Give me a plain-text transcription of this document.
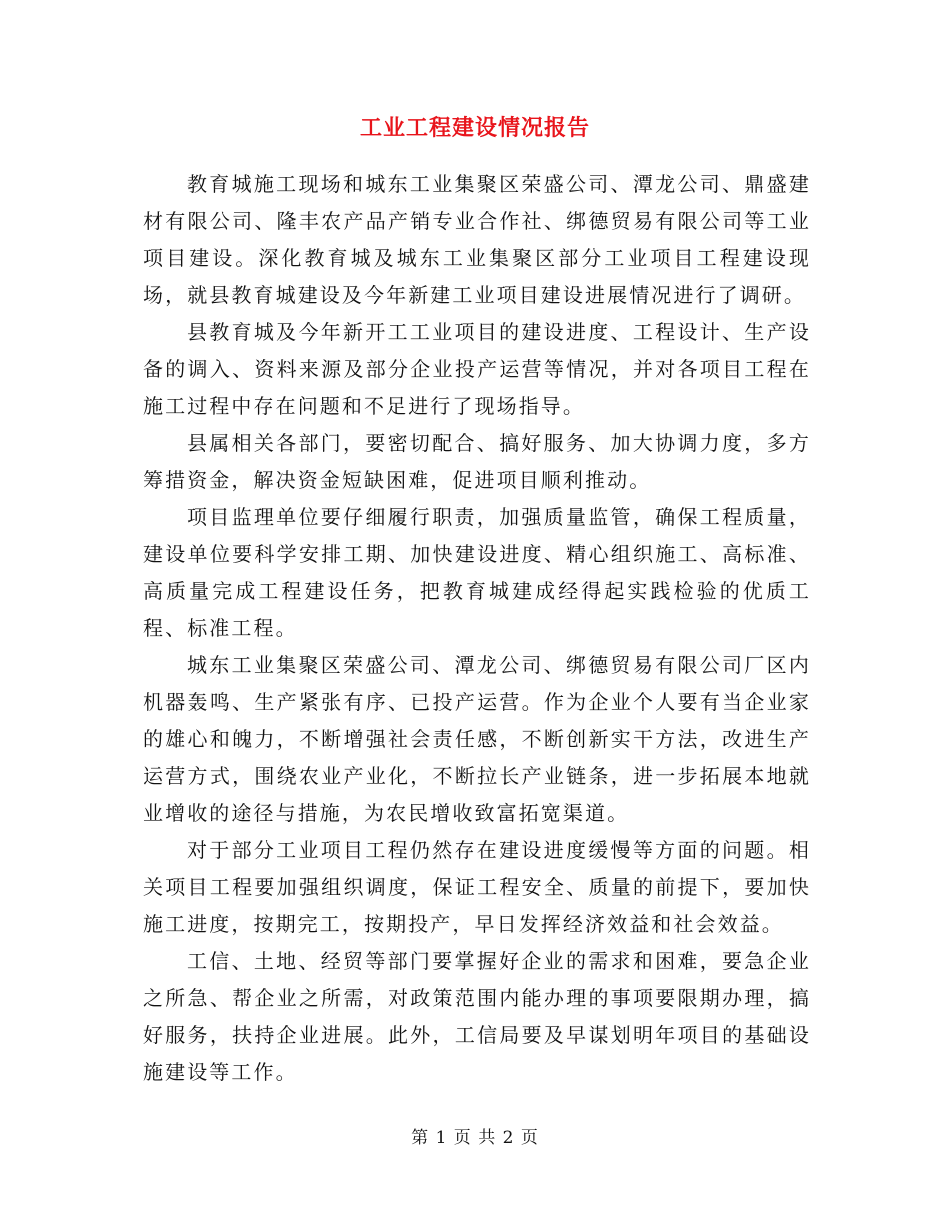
工业工程建设情况报告

教育城施工现场和城东工业集聚区荣盛公司、潭龙公司、鼎盛建材有限公司、隆丰农产品产销专业合作社、绑德贸易有限公司等工业项目建设。深化教育城及城东工业集聚区部分工业项目工程建设现场，就县教育城建设及今年新建工业项目建设进展情况进行了调研。

县教育城及今年新开工工业项目的建设进度、工程设计、生产设备的调入、资料来源及部分企业投产运营等情况，并对各项目工程在施工过程中存在问题和不足进行了现场指导。

县属相关各部门，要密切配合、搞好服务、加大协调力度，多方筹措资金，解决资金短缺困难，促进项目顺利推动。

项目监理单位要仔细履行职责，加强质量监管，确保工程质量，建设单位要科学安排工期、加快建设进度、精心组织施工、高标准、高质量完成工程建设任务，把教育城建成经得起实践检验的优质工程、标准工程。

城东工业集聚区荣盛公司、潭龙公司、绑德贸易有限公司厂区内机器轰鸣、生产紧张有序、已投产运营。作为企业个人要有当企业家的雄心和魄力，不断增强社会责任感，不断创新实干方法，改进生产运营方式，围绕农业产业化，不断拉长产业链条，进一步拓展本地就业增收的途径与措施，为农民增收致富拓宽渠道。

对于部分工业项目工程仍然存在建设进度缓慢等方面的问题。相关项目工程要加强组织调度，保证工程安全、质量的前提下，要加快施工进度，按期完工，按期投产，早日发挥经济效益和社会效益。

工信、土地、经贸等部门要掌握好企业的需求和困难，要急企业之所急、帮企业之所需，对政策范围内能办理的事项要限期办理，搞好服务，扶持企业进展。此外，工信局要及早谋划明年项目的基础设施建设等工作。

第 1 页 共 2 页
